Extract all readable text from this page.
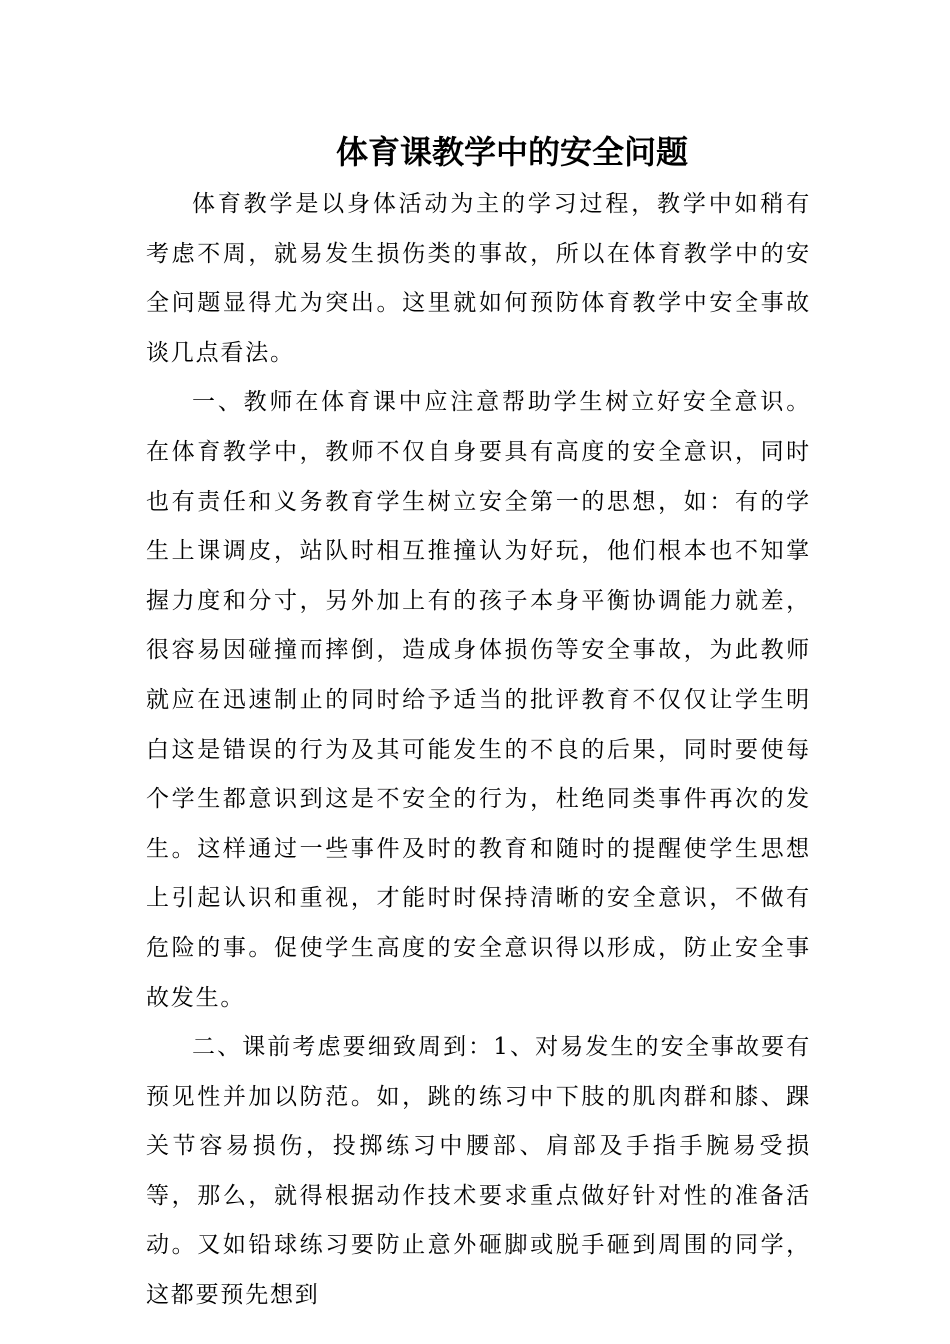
体育课教学中的安全问题

体育教学是以身体活动为主的学习过程，教学中如稍有考虑不周，就易发生损伤类的事故，所以在体育教学中的安全问题显得尤为突出。这里就如何预防体育教学中安全事故谈几点看法。

一、教师在体育课中应注意帮助学生树立好安全意识。 在体育教学中，教师不仅自身要具有高度的安全意识，同时也有责任和义务教育学生树立安全第一的思想，如：有的学生上课调皮，站队时相互推撞认为好玩，他们根本也不知掌握力度和分寸，另外加上有的孩子本身平衡协调能力就差，很容易因碰撞而摔倒，造成身体损伤等安全事故，为此教师就应在迅速制止的同时给予适当的批评教育不仅仅让学生明白这是错误的行为及其可能发生的不良的后果，同时要使每个学生都意识到这是不安全的行为，杜绝同类事件再次的发生。这样通过一些事件及时的教育和随时的提醒使学生思想上引起认识和重视，才能时时保持清晰的安全意识，不做有危险的事。促使学生高度的安全意识得以形成，防止安全事故发生。

二、课前考虑要细致周到：1、对易发生的安全事故要有预见性并加以防范。如，跳的练习中下肢的肌肉群和膝、踝关节容易损伤，投掷练习中腰部、肩部及手指手腕易受损等，那么，就得根据动作技术要求重点做好针对性的准备活动。又如铅球练习要防止意外砸脚或脱手砸到周围的同学，这都要预先想到
